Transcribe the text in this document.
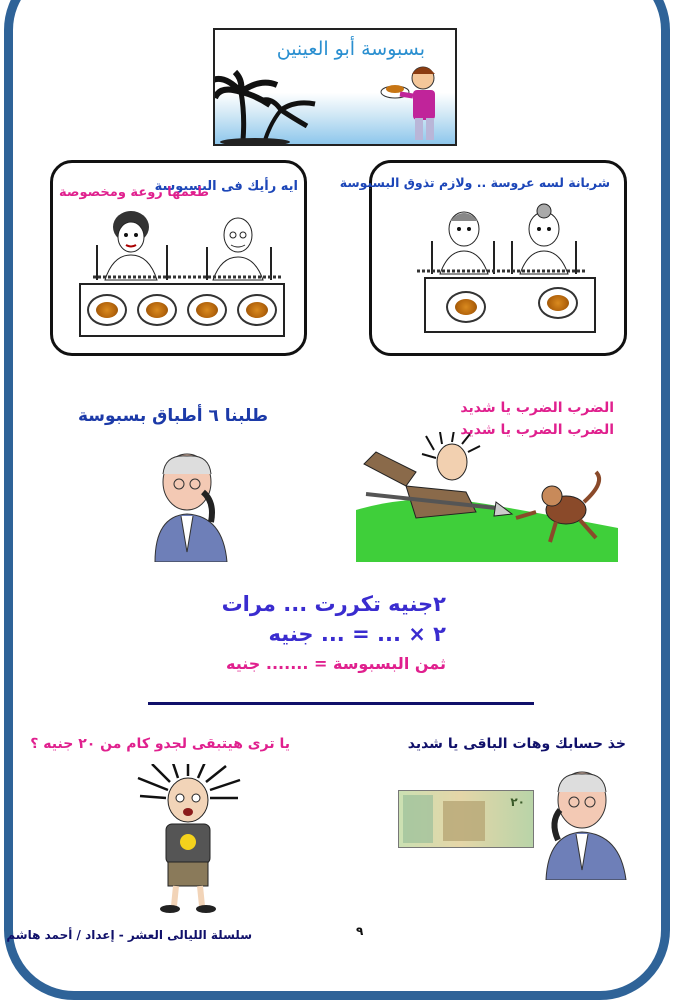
بسبوسة أبو العينين
ايه رأيك فى البسبوسة
طعمها روعة ومخصوصة
شربانة لسه عروسة .. ولازم تذوق البسبوسة
طلبنا ٦ أطباق بسبوسة	الضرب الضرب يا شديد
الضرب الضرب يا شديد
٢جنيه تكررت ... مرات
٢ × ... = ... جنيه
ثمن البسبوسة = ....... جنيه
يا ترى هيتبقى لجدو كام من ٢٠ جنيه ؟	خذ حسابك وهات الباقى يا شديد
٢٠
٩
سلسلة الليالى العشر - إعداد / أحمد هاشم
